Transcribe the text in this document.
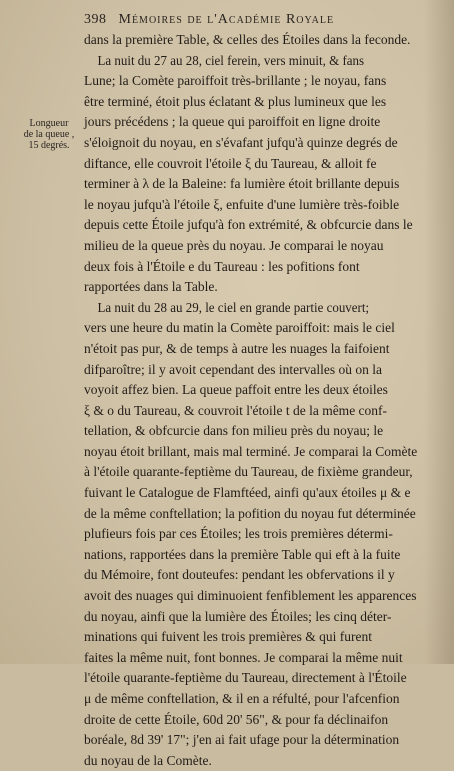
398 Mémoires de l'Académie Royale
Longueur
de la queue ,
15 degrés.
dans la première Table, & celles des Étoiles dans la feconde.
La nuit du 27 au 28, ciel ferein, vers minuit, & fans
Lune; la Comète paroiffoit très-brillante ; le noyau, fans
être terminé, étoit plus éclatant & plus lumineux que les
jours précédens ; la queue qui paroiffoit en ligne droite
s'éloignoit du noyau, en s'évafant jufqu'à quinze degrés de
diftance, elle couvroit l'étoile ξ du Taureau, & alloit fe
terminer à λ de la Baleine: fa lumière étoit brillante depuis
le noyau jufqu'à l'étoile ξ, enfuite d'une lumière très-foible
depuis cette Étoile jufqu'à fon extrémité, & obfcurcie dans le
milieu de la queue près du noyau. Je comparai le noyau
deux fois à l'Étoile e du Taureau : les pofitions font
rapportées dans la Table.
La nuit du 28 au 29, le ciel en grande partie couvert;
vers une heure du matin la Comète paroiffoit: mais le ciel
n'étoit pas pur, & de temps à autre les nuages la faifoient
difparoître; il y avoit cependant des intervalles où on la
voyoit affez bien. La queue paffoit entre les deux étoiles
ξ & o du Taureau, & couvroit l'étoile t de la même conf-
tellation, & obfcurcie dans fon milieu près du noyau; le
noyau étoit brillant, mais mal terminé. Je comparai la Comète
à l'étoile quarante-feptième du Taureau, de fixième grandeur,
fuivant le Catalogue de Flamftéed, ainfi qu'aux étoiles μ & e
de la même conftellation; la pofition du noyau fut déterminée
plufieurs fois par ces Étoiles; les trois premières détermi-
nations, rapportées dans la première Table qui eft à la fuite
du Mémoire, font douteufes: pendant les obfervations il y
avoit des nuages qui diminuoient fenfiblement les apparences
du noyau, ainfi que la lumière des Étoiles; les cinq déter-
minations qui fuivent les trois premières & qui furent
faites la même nuit, font bonnes. Je comparai la même nuit
l'étoile quarante-feptième du Taureau, directement à l'Étoile
μ de même conftellation, & il en a réfulté, pour l'afcenfion
droite de cette Étoile, 60d 20' 56", & pour fa déclinaifon
boréale, 8d 39' 17"; j'en ai fait ufage pour la détermination
du noyau de la Comète.
